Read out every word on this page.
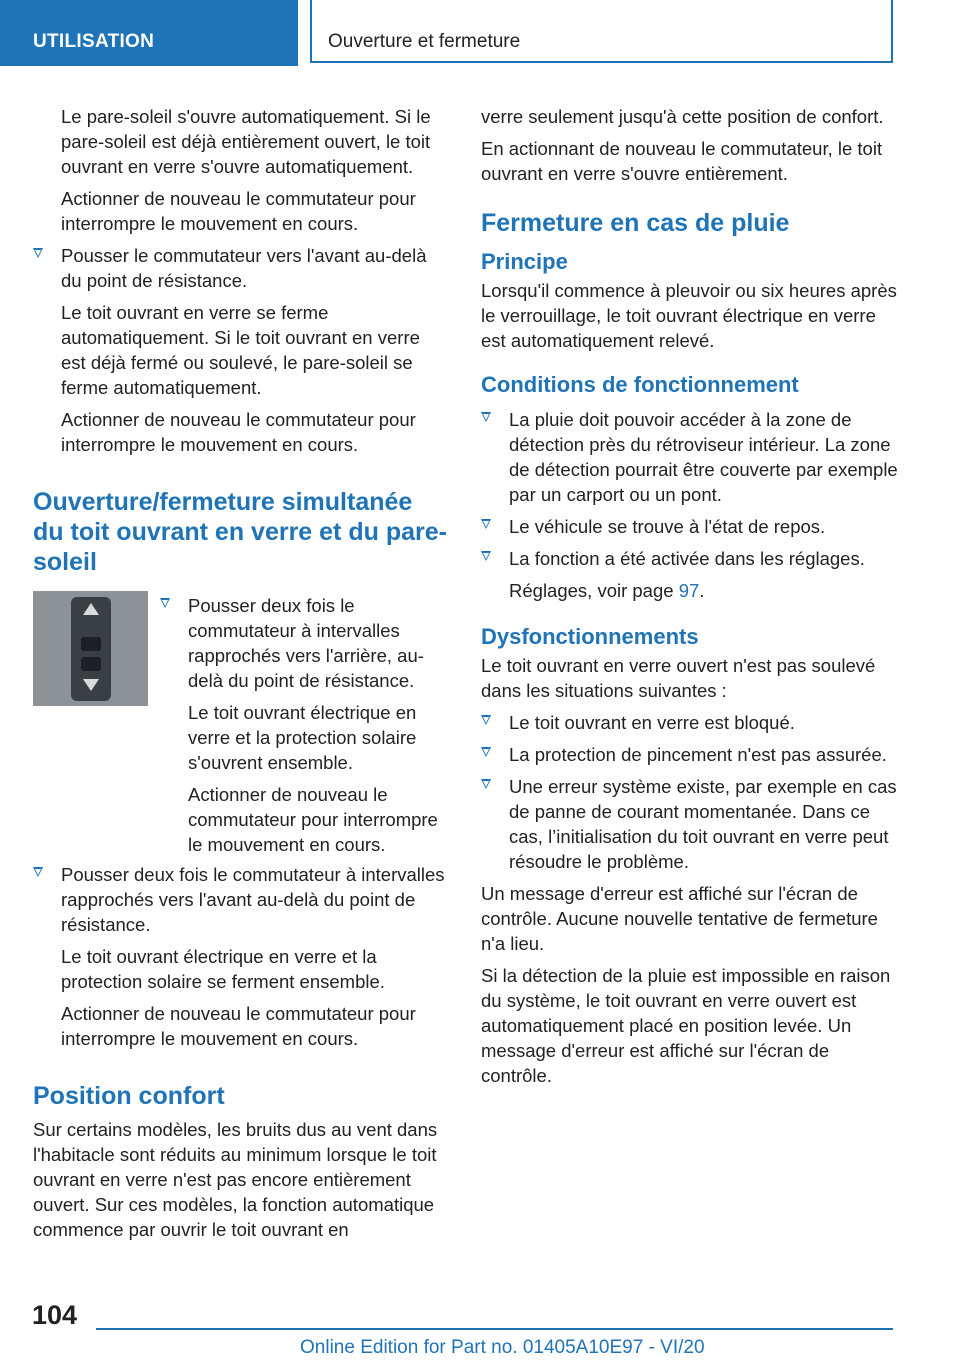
UTILISATION	Ouverture et fermeture

Le pare-soleil s'ouvre automatiquement. Si le pare-soleil est déjà entièrement ouvert, le toit ouvrant en verre s'ouvre automatiquement.

Actionner de nouveau le commutateur pour interrompre le mouvement en cours.

Pousser le commutateur vers l'avant au-delà du point de résistance.

Le toit ouvrant en verre se ferme automatiquement. Si le toit ouvrant en verre est déjà fermé ou soulevé, le pare-soleil se ferme automatiquement.

Actionner de nouveau le commutateur pour interrompre le mouvement en cours.

Ouverture/fermeture simultanée du toit ouvrant en verre et du pare-soleil
Pousser deux fois le commutateur à intervalles rapprochés vers l'arrière, au-delà du point de résistance.

Le toit ouvrant électrique en verre et la protection solaire s'ouvrent ensemble.

Actionner de nouveau le commutateur pour interrompre le mouvement en cours.

Pousser deux fois le commutateur à intervalles rapprochés vers l'avant au-delà du point de résistance.

Le toit ouvrant électrique en verre et la protection solaire se ferment ensemble.

Actionner de nouveau le commutateur pour interrompre le mouvement en cours.

Position confort

Sur certains modèles, les bruits dus au vent dans l'habitacle sont réduits au minimum lorsque le toit ouvrant en verre n'est pas encore entièrement ouvert. Sur ces modèles, la fonction automatique commence par ouvrir le toit ouvrant en

verre seulement jusqu'à cette position de confort.

En actionnant de nouveau le commutateur, le toit ouvrant en verre s'ouvre entièrement.

Fermeture en cas de pluie
Principe

Lorsqu'il commence à pleuvoir ou six heures après le verrouillage, le toit ouvrant électrique en verre est automatiquement relevé.

Conditions de fonctionnement
La pluie doit pouvoir accéder à la zone de détection près du rétroviseur intérieur. La zone de détection pourrait être couverte par exemple par un carport ou un pont.
Le véhicule se trouve à l'état de repos.
La fonction a été activée dans les réglages.

Réglages, voir page 97.

Dysfonctionnements

Le toit ouvrant en verre ouvert n'est pas soulevé dans les situations suivantes :

Le toit ouvrant en verre est bloqué.
La protection de pincement n'est pas assurée.
Une erreur système existe, par exemple en cas de panne de courant momentanée. Dans ce cas, l’initialisation du toit ouvrant en verre peut résoudre le problème.

Un message d'erreur est affiché sur l'écran de contrôle. Aucune nouvelle tentative de fermeture n'a lieu.

Si la détection de la pluie est impossible en raison du système, le toit ouvrant en verre ouvert est automatiquement placé en position levée. Un message d'erreur est affiché sur l'écran de contrôle.

104
Online Edition for Part no. 01405A10E97 - VI/20
